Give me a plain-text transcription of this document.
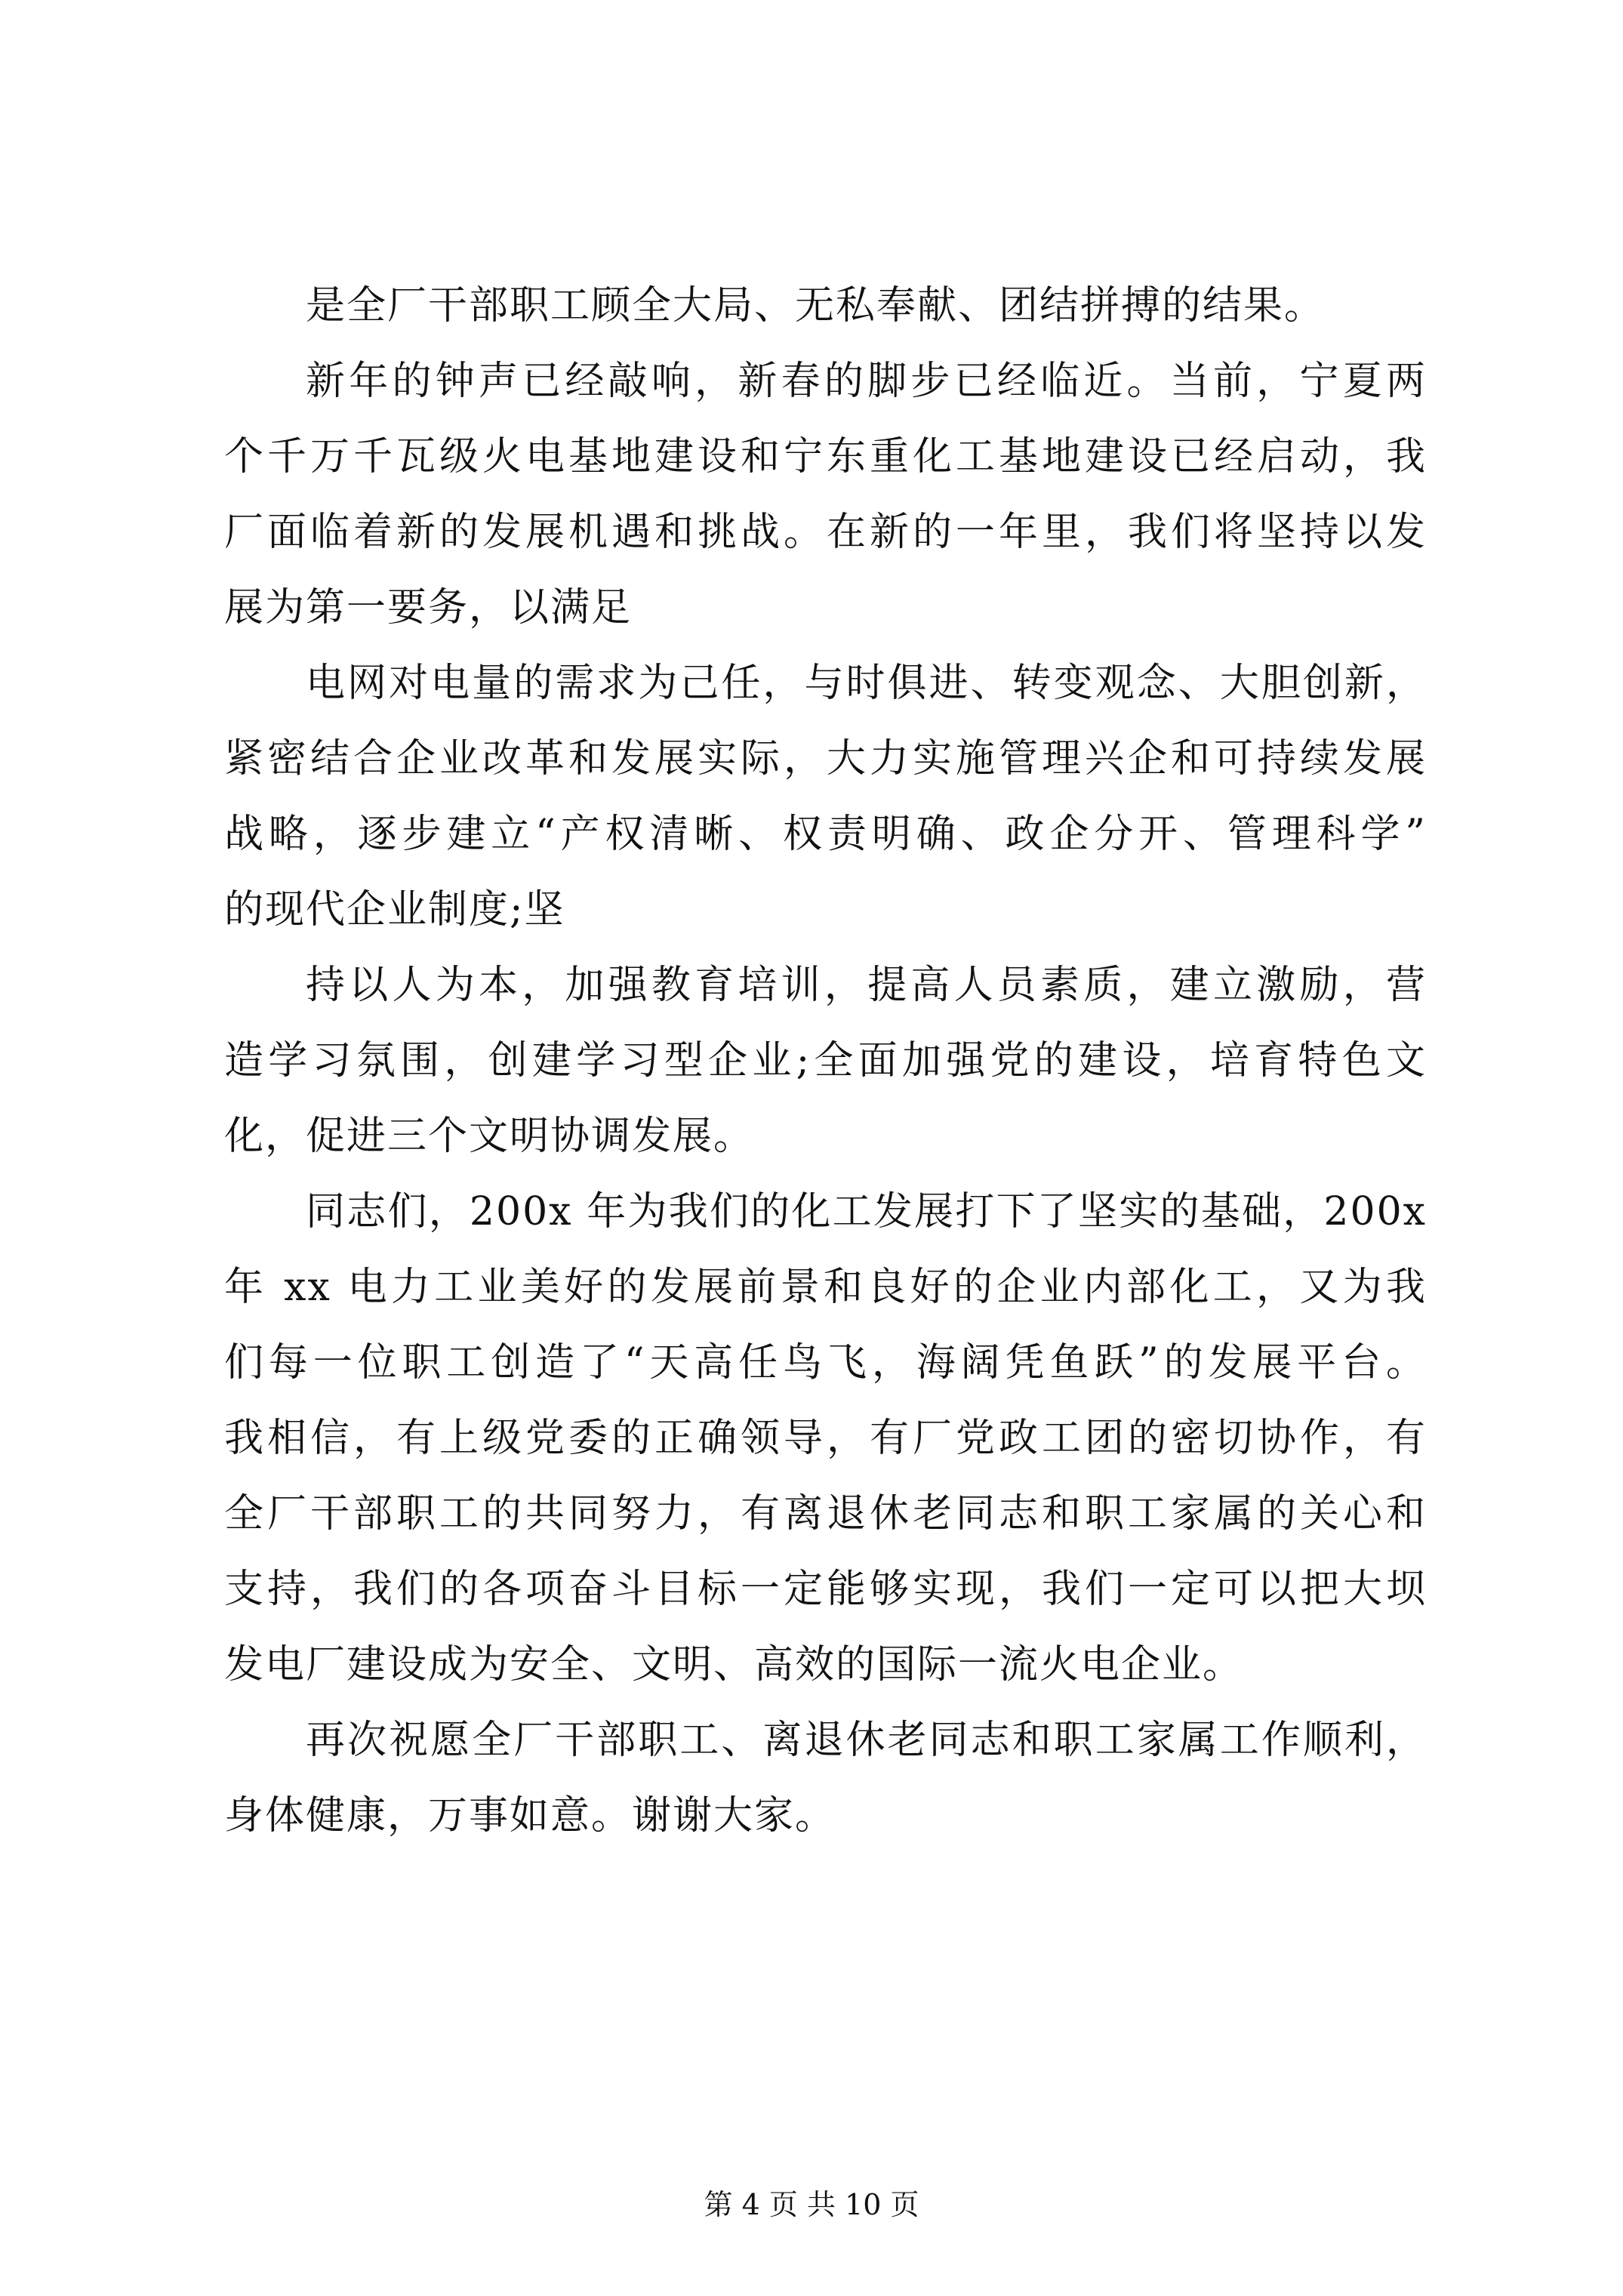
是全厂干部职工顾全大局、无私奉献、团结拼搏的结果。

新年的钟声已经敲响，新春的脚步已经临近。当前，宁夏两
个千万千瓦级火电基地建设和宁东重化工基地建设已经启动，我
厂面临着新的发展机遇和挑战。在新的一年里，我们将坚持以发
展为第一要务，以满足

电网对电量的需求为己任，与时俱进、转变观念、大胆创新，
紧密结合企业改革和发展实际，大力实施管理兴企和可持续发展
战略，逐步建立“产权清晰、权责明确、政企分开、管理科学”
的现代企业制度;坚

持以人为本，加强教育培训，提高人员素质，建立激励，营
造学习氛围，创建学习型企业;全面加强党的建设，培育特色文
化，促进三个文明协调发展。

同志们，200x 年为我们的化工发展打下了坚实的基础，200x
年 xx 电力工业美好的发展前景和良好的企业内部化工，又为我
们每一位职工创造了“天高任鸟飞，海阔凭鱼跃”的发展平台。
我相信，有上级党委的正确领导，有厂党政工团的密切协作，有
全厂干部职工的共同努力，有离退休老同志和职工家属的关心和
支持，我们的各项奋斗目标一定能够实现，我们一定可以把大坝
发电厂建设成为安全、文明、高效的国际一流火电企业。

再次祝愿全厂干部职工、离退休老同志和职工家属工作顺利，
身体健康，万事如意。谢谢大家。

第 4 页 共 10 页
